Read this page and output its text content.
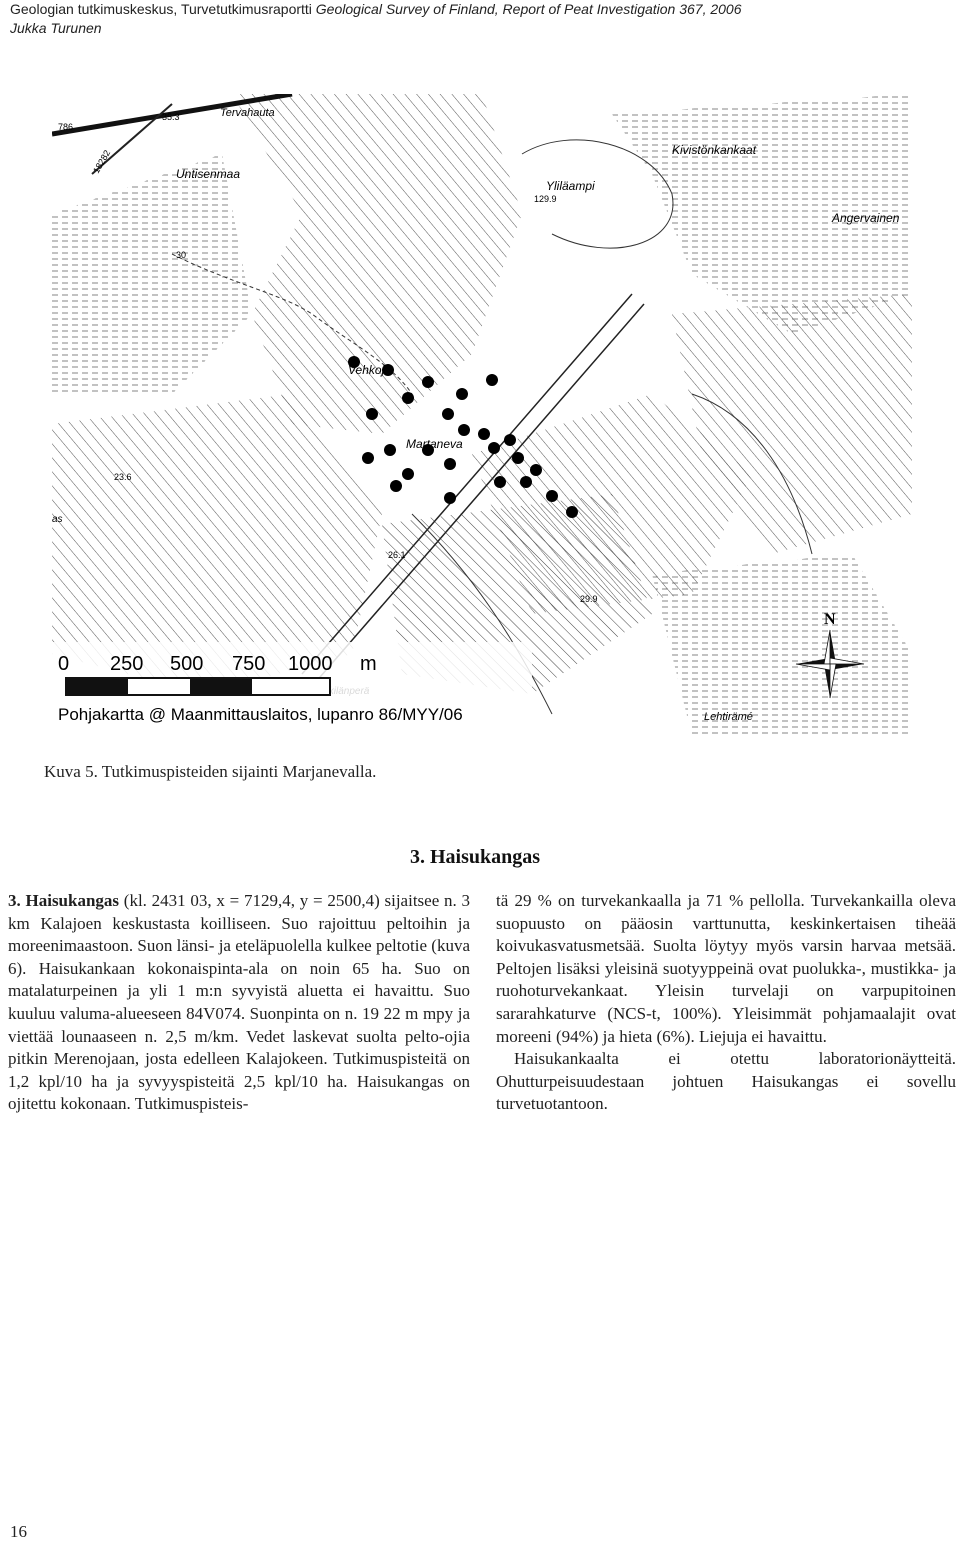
Geologian tutkimuskeskus, Turvetutkimusraportti Geological Survey of Finland, Report of Peat Investigation 367, 2006
Jukka Turunen
Tervahauta
Kivistönkankaat
Untisenmaa
Yliläampi
Angervainen
Vehkoja
Martaneva
Lehtirämé
as
35.3
129.9
23.6
26.1
29.9
30
786
18282
0 250 500 750 1000 m
Pohjakartta @ Maanmittauslaitos, lupanro 86/MYY/06
N
Kuva 5. Tutkimuspisteiden sijainti Marjanevalla.
3. Haisukangas

3. Haisukangas (kl. 2431 03, x = 7129,4, y = 2500,4) sijaitsee n. 3 km Kalajoen keskustasta koilliseen. Suo rajoittuu peltoihin ja moreenimaastoon. Suon länsi- ja eteläpuolella kulkee peltotie (kuva 6). Haisukankaan kokonaispinta-ala on noin 65 ha. Suo on matalaturpeinen ja yli 1 m:n syvyistä aluetta ei havaittu. Suo kuuluu valuma-alueeseen 84V074. Suonpinta on n. 19 22 m mpy ja viettää lounaaseen n. 2,5 m/km. Vedet laskevat suolta pelto-ojia pitkin Merenojaan, josta edelleen Kalajokeen. Tutkimuspisteitä on 1,2 kpl/10 ha ja syvyyspisteitä 2,5 kpl/10 ha. Haisukangas on ojitettu kokonaan. Tutkimuspisteis-

tä 29 % on turvekankaalla ja 71 % pellolla. Turvekankailla oleva suopuusto on pääosin varttunutta, keskinkertaisen tiheää koivukasvatusmetsää. Suolta löytyy myös varsin harvaa metsää. Peltojen lisäksi yleisinä suotyyppeinä ovat puolukka-, mustikka- ja ruohoturvekankaat. Yleisin turvelaji on varpupitoinen sararahkaturve (NCS-t, 100%). Yleisimmät pohjamaalajit ovat moreeni (94%) ja hieta (6%). Liejuja ei havaittu.

Haisukankaalta ei otettu laboratorionäytteitä. Ohutturpeisuudestaan johtuen Haisukangas ei sovellu turvetuotantoon.

16
